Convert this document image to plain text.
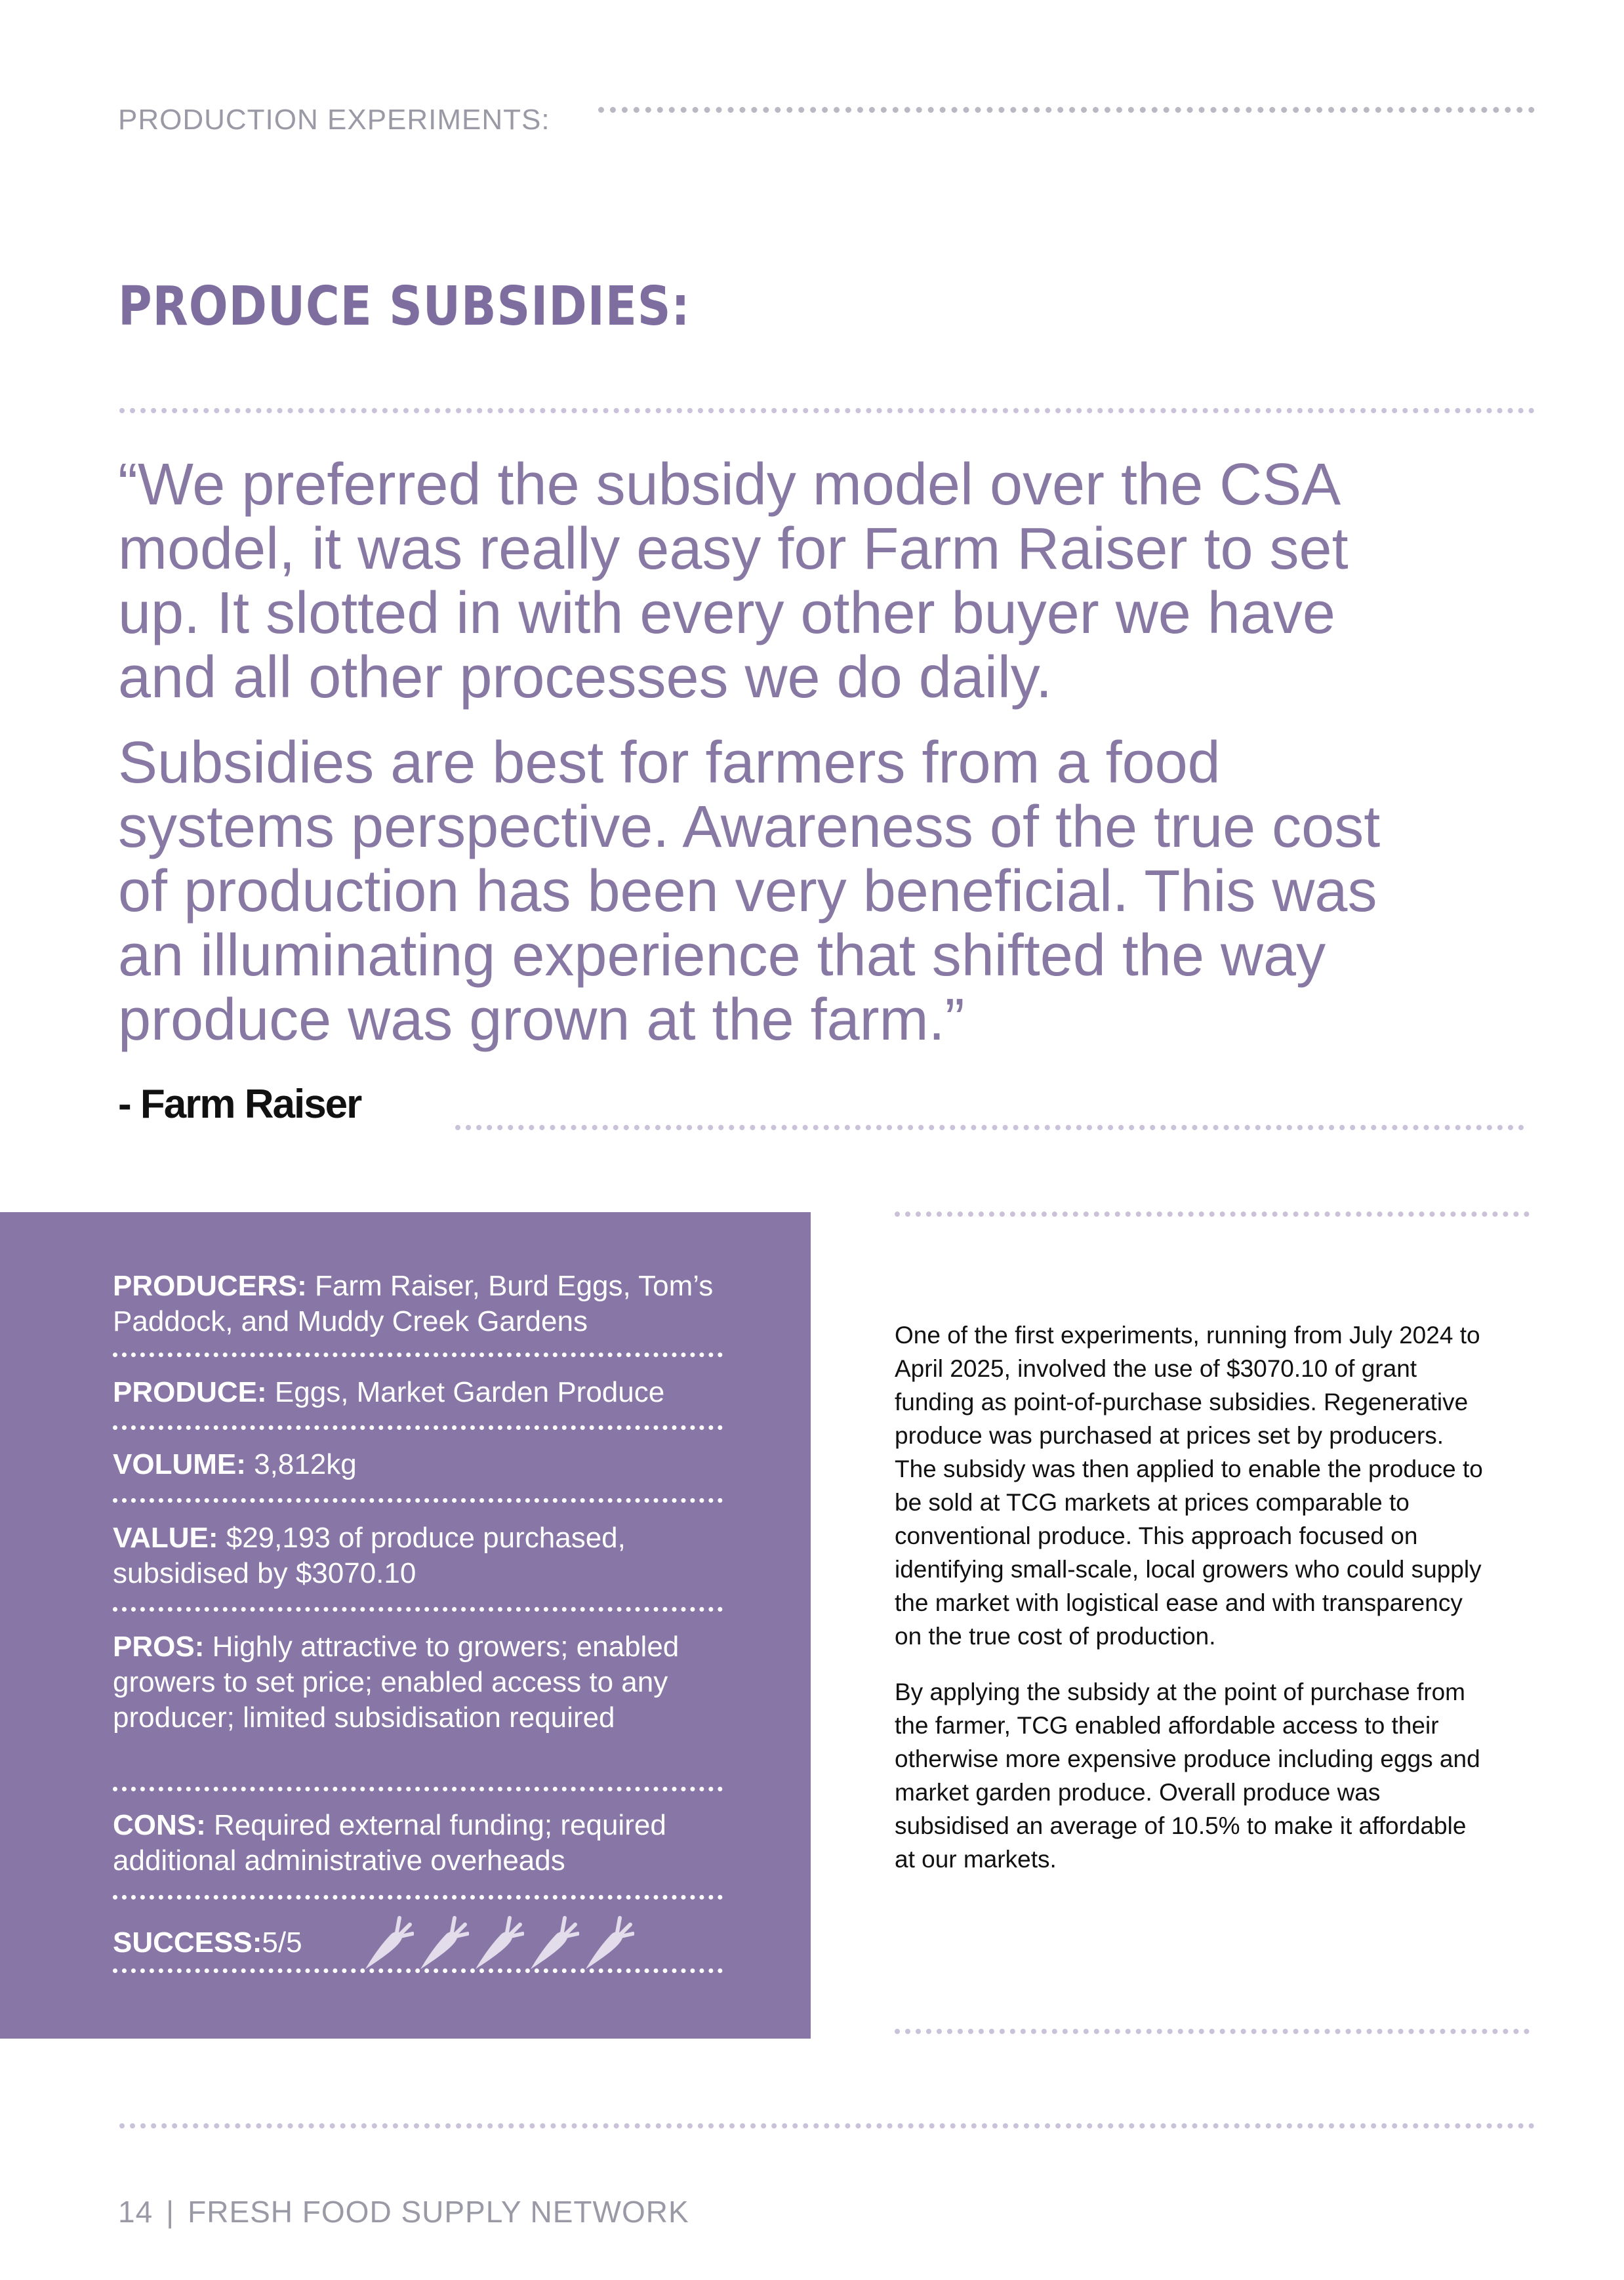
PRODUCTION EXPERIMENTS:
PRODUCE SUBSIDIES:

“We preferred the subsidy model over the CSA model, it was really easy for Farm Raiser to set up. It slotted in with every other buyer we have and all other processes we do daily.

Subsidies are best for farmers from a food systems perspective. Awareness of the true cost of production has been very beneficial. This was an illuminating experience that shifted the way produce was grown at the farm.”

- Farm Raiser
PRODUCERS: Farm Raiser, Burd Eggs, Tom’s Paddock, and Muddy Creek Gardens
PRODUCE: Eggs, Market Garden Produce
VOLUME: 3,812kg
VALUE: $29,193 of produce purchased, subsidised by $3070.10
PROS: Highly attractive to growers; enabled growers to set price; enabled access to any producer; limited subsidisation required
CONS: Required external funding; required additional administrative overheads
SUCCESS: 5/5

One of the first experiments, running from July 2024 to April 2025, involved the use of $3070.10 of grant funding as point-of-purchase subsidies. Regenerative produce was purchased at prices set by producers. The subsidy was then applied to enable the produce to be sold at TCG markets at prices comparable to conventional produce. This approach focused on identifying small-scale, local growers who could supply the market with logistical ease and with transparency on the true cost of production.

By applying the subsidy at the point of purchase from the farmer, TCG enabled affordable access to their otherwise more expensive produce including eggs and market garden produce. Overall produce was subsidised an average of 10.5% to make it affordable at our markets.

14 | FRESH FOOD SUPPLY NETWORK
